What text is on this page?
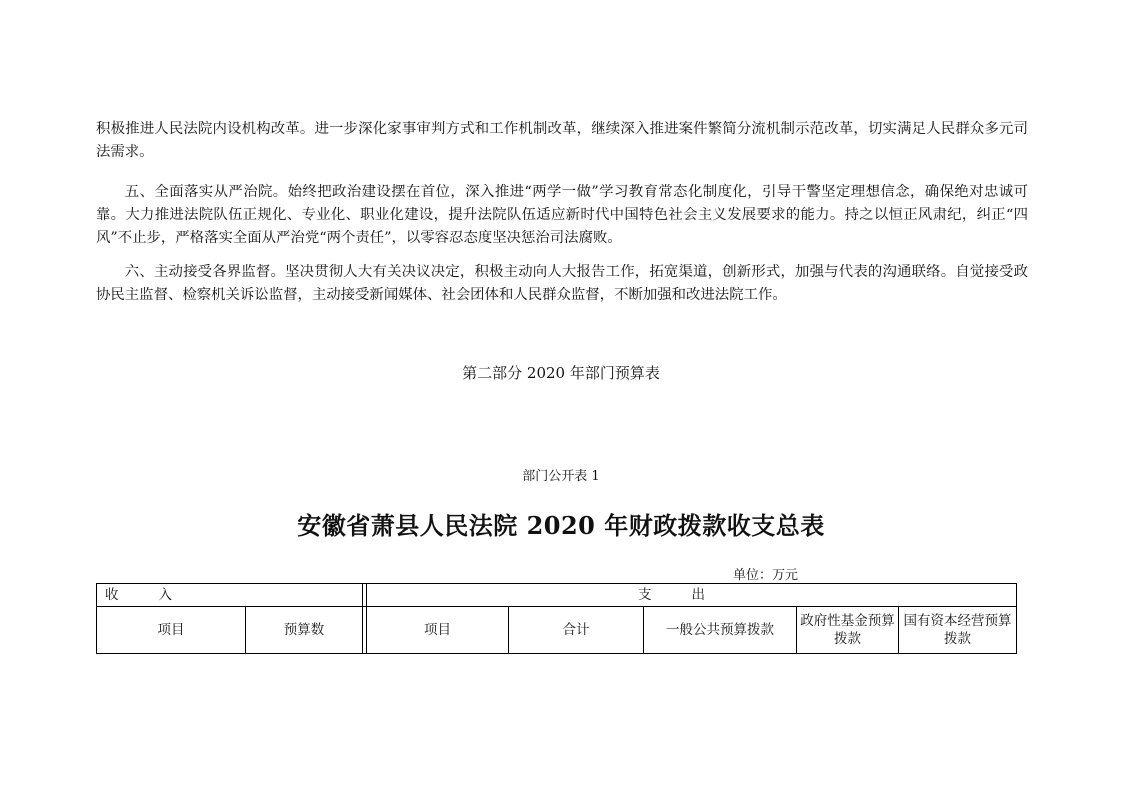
积极推进人民法院内设机构改革。进一步深化家事审判方式和工作机制改革，继续深入推进案件繁简分流机制示范改革，切实满足人民群众多元司法需求。

五、全面落实从严治院。始终把政治建设摆在首位，深入推进“两学一做”学习教育常态化制度化，引导干警坚定理想信念，确保绝对忠诚可靠。大力推进法院队伍正规化、专业化、职业化建设，提升法院队伍适应新时代中国特色社会主义发展要求的能力。持之以恒正风肃纪，纠正“四风”不止步，严格落实全面从严治党“两个责任”，以零容忍态度坚决惩治司法腐败。

六、主动接受各界监督。坚决贯彻人大有关决议决定，积极主动向人大报告工作，拓宽渠道，创新形式，加强与代表的沟通联络。自觉接受政协民主监督、检察机关诉讼监督，主动接受新闻媒体、社会团体和人民群众监督，不断加强和改进法院工作。

第二部分 2020 年部门预算表

部门公开表 1

安徽省萧县人民法院 2020 年财政拨款收支总表

单位：万元

收入			支出				
项目	预算数		项目	合计	一般公共预算拨款	政府性基金预算拨款	国有资本经营预算拨款
